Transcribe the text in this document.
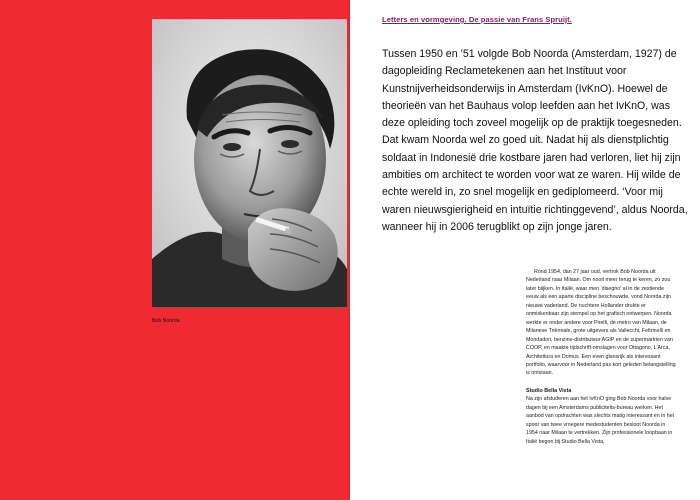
Bob Noorda
Letters en vormgeving. De passie van Frans Spruijt.

Tussen 1950 en ’51 volgde Bob Noorda (Amsterdam, 1927) de dagopleiding Reclametekenen aan het Instituut voor Kunstnijverheidsonderwijs in Amsterdam (IvKnO). Hoewel de theorieën van het Bauhaus volop leefden aan het IvKnO, was deze opleiding toch zoveel mogelijk op de praktijk toegesneden. Dat kwam Noorda wel zo goed uit. Nadat hij als dienstplichtig soldaat in Indonesië drie kostbare jaren had verloren, liet hij zijn ambities om architect te worden voor wat ze waren. Hij wilde de echte wereld in, zo snel mogelijk en gediplomeerd. ‘Voor mij waren nieuwsgierigheid en intuïtie richtinggevend’, aldus Noorda, wanneer hij in 2006 terugblikt op zijn jonge jaren.

Rond 1954, dan 27 jaar oud, vertrok Bob Noorda uit Nederland naar Milaan. Om nooit meer terug te keren, zo zou later blijken. In Italië, waar men ‘disegno’ al in de zestiende eeuw als een aparte discipline beschouwde, vond Noorda zijn nieuwe vaderland. De nuchtere Hollander drukte er onmiskenbaar zijn stempel op het grafisch ontwerpen. Noorda werkte er onder andere voor Pirelli, de metro van Milaan, de Milanese Triënnale, grote uitgevers als Vallecchi, Feltrinelli en Mondadori, benzine-distributeur AGIP en de supermarkten van COOP, en maakte tijdschrift-omslagen voor Ottagono, L’Arca, Architettura en Domus. Een even glansrijk als interessant portfolio, waarvoor in Nederland pas kort geleden belangstelling is ontstaan.

Studio Bella Vista

Na zijn afstuderen aan het IvKnO ging Bob Noorda voor halve dagen bij een Amsterdams publiciteits-bureau werken. Het aanbod van opdrachten was slechts matig interessant en in het spoor van twee vroegere medestudenten besloot Noorda in 1954 naar Milaan te vertrekken. Zijn professionele loopbaan in Italië begon bij Studio Bella Vista,
